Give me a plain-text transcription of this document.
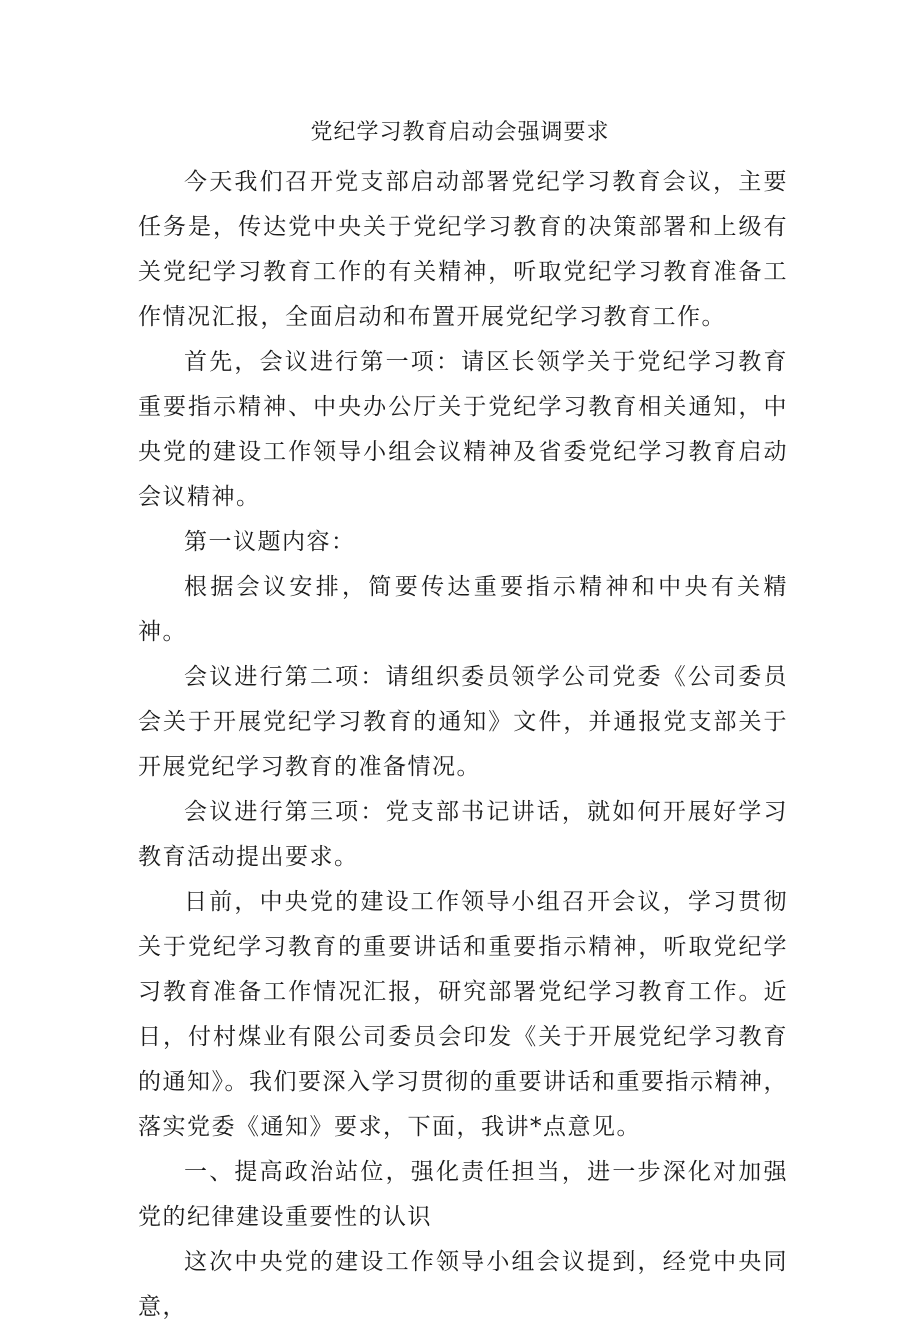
党纪学习教育启动会强调要求

今天我们召开党支部启动部署党纪学习教育会议，主要任务是，传达党中央关于党纪学习教育的决策部署和上级有关党纪学习教育工作的有关精神，听取党纪学习教育准备工作情况汇报，全面启动和布置开展党纪学习教育工作。

首先，会议进行第一项：请区长领学关于党纪学习教育重要指示精神、中央办公厅关于党纪学习教育相关通知，中央党的建设工作领导小组会议精神及省委党纪学习教育启动会议精神。

第一议题内容：

根据会议安排，简要传达重要指示精神和中央有关精神。

会议进行第二项：请组织委员领学公司党委《公司委员会关于开展党纪学习教育的通知》文件，并通报党支部关于开展党纪学习教育的准备情况。

会议进行第三项：党支部书记讲话，就如何开展好学习教育活动提出要求。

日前，中央党的建设工作领导小组召开会议，学习贯彻关于党纪学习教育的重要讲话和重要指示精神，听取党纪学习教育准备工作情况汇报，研究部署党纪学习教育工作。近日，付村煤业有限公司委员会印发《关于开展党纪学习教育的通知》。我们要深入学习贯彻的重要讲话和重要指示精神，落实党委《通知》要求，下面，我讲*点意见。

一、提高政治站位，强化责任担当，进一步深化对加强党的纪律建设重要性的认识

这次中央党的建设工作领导小组会议提到，经党中央同意，
